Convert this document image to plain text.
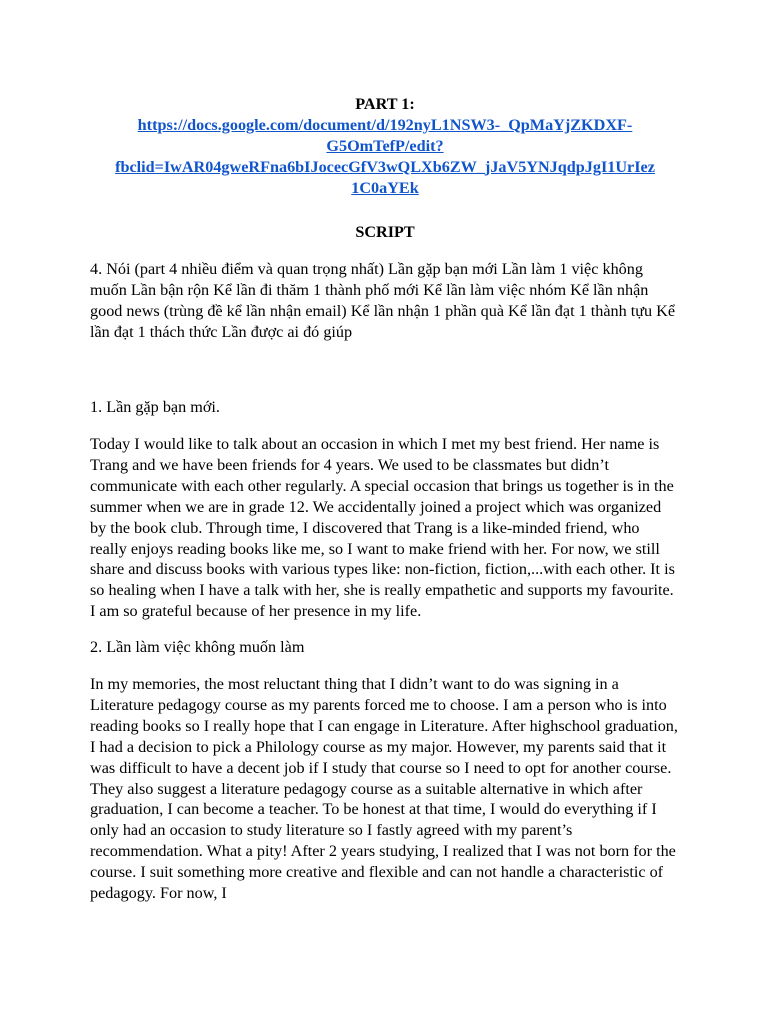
PART 1:

https://docs.google.com/document/d/192nyL1NSW3-_QpMaYjZKDXF-
G5OmTefP/edit?
fbclid=IwAR04gweRFna6bIJocecGfV3wQLXb6ZW_jJaV5YNJqdpJgI1UrIez
1C0aYEk

SCRIPT

4. Nói (part 4 nhiều điểm và quan trọng nhất) Lần gặp bạn mới Lần làm 1 việc không muốn Lần bận rộn Kể lần đi thăm 1 thành phố mới Kể lần làm việc nhóm Kể lần nhận good news (trùng đề kể lần nhận email) Kể lần nhận 1 phần quà Kể lần đạt 1 thành tựu Kể lần đạt 1 thách thức Lần được ai đó giúp

1. Lần gặp bạn mới.

Today I would like to talk about an occasion in which I met my best friend. Her name is Trang and we have been friends for 4 years. We used to be classmates but didn’t communicate with each other regularly. A special occasion that brings us together is in the summer when we are in grade 12. We accidentally joined a project which was organized by the book club. Through time, I discovered that Trang is a like-minded friend, who really enjoys reading books like me, so I want to make friend with her. For now, we still share and discuss books with various types like: non-fiction, fiction,...with each other. It is so healing when I have a talk with her, she is really empathetic and supports my favourite. I am so grateful because of her presence in my life.

2. Lần làm việc không muốn làm

In my memories, the most reluctant thing that I didn’t want to do was signing in a Literature pedagogy course as my parents forced me to choose. I am a person who is into reading books so I really hope that I can engage in Literature. After highschool graduation, I had a decision to pick a Philology course as my major. However, my parents said that it was difficult to have a decent job if I study that course so I need to opt for another course. They also suggest a literature pedagogy course as a suitable alternative in which after graduation, I can become a teacher. To be honest at that time, I would do everything if I only had an occasion to study literature so I fastly agreed with my parent’s recommendation. What a pity! After 2 years studying, I realized that I was not born for the course. I suit something more creative and flexible and can not handle a characteristic of pedagogy. For now, I
